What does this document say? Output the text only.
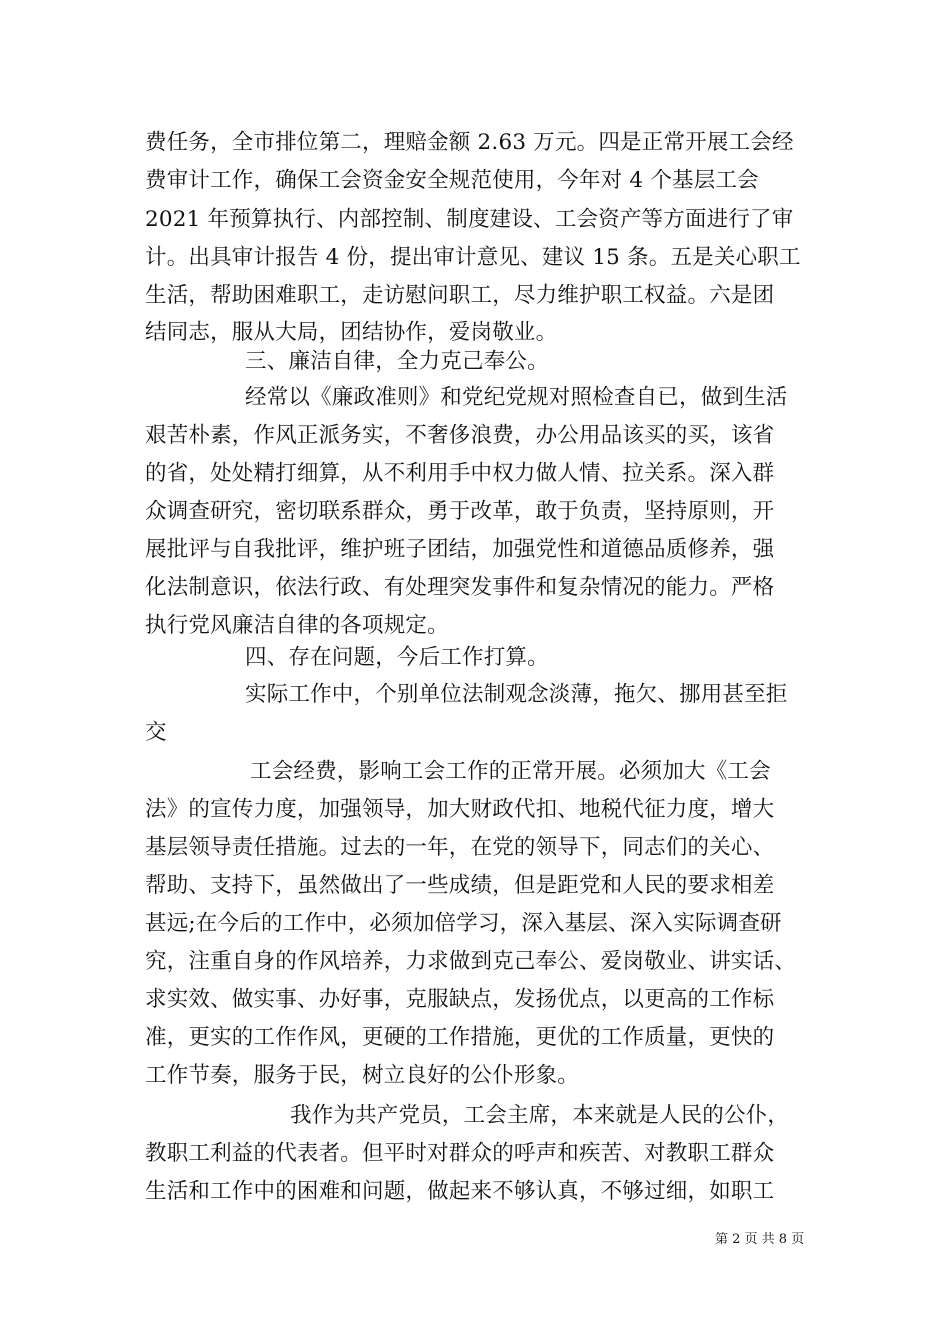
费任务，全市排位第二，理赔金额 2.63 万元。四是正常开展工会经
费审计工作，确保工会资金安全规范使用，今年对 4 个基层工会
2021 年预算执行、内部控制、制度建设、工会资产等方面进行了审
计。出具审计报告 4 份，提出审计意见、建议 15 条。五是关心职工
生活，帮助困难职工，走访慰问职工，尽力维护职工权益。六是团
结同志，服从大局，团结协作，爱岗敬业。
三、廉洁自律，全力克己奉公。
经常以《廉政准则》和党纪党规对照检查自已，做到生活
艰苦朴素，作风正派务实，不奢侈浪费，办公用品该买的买，该省
的省，处处精打细算，从不利用手中权力做人情、拉关系。深入群
众调查研究，密切联系群众，勇于改革，敢于负责，坚持原则，开
展批评与自我批评，维护班子团结，加强党性和道德品质修养，强
化法制意识，依法行政、有处理突发事件和复杂情况的能力。严格
执行党风廉洁自律的各项规定。
四、存在问题，今后工作打算。
实际工作中，个别单位法制观念淡薄，拖欠、挪用甚至拒
交
工会经费，影响工会工作的正常开展。必须加大《工会
法》的宣传力度，加强领导，加大财政代扣、地税代征力度，增大
基层领导责任措施。过去的一年，在党的领导下，同志们的关心、
帮助、支持下，虽然做出了一些成绩，但是距党和人民的要求相差
甚远;在今后的工作中，必须加倍学习，深入基层、深入实际调查研
究，注重自身的作风培养，力求做到克己奉公、爱岗敬业、讲实话、
求实效、做实事、办好事，克服缺点，发扬优点，以更高的工作标
准，更实的工作作风，更硬的工作措施，更优的工作质量，更快的
工作节奏，服务于民，树立良好的公仆形象。
我作为共产党员，工会主席，本来就是人民的公仆，
教职工利益的代表者。但平时对群众的呼声和疾苦、对教职工群众
生活和工作中的困难和问题，做起来不够认真，不够过细，如职工
第 2 页 共 8 页
